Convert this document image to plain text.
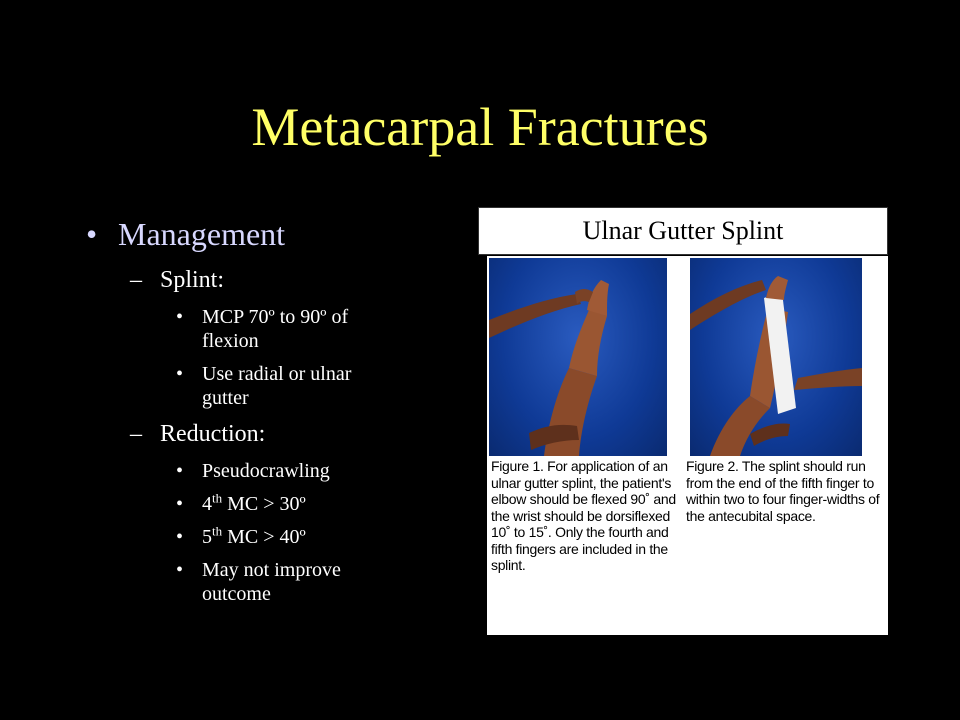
Metacarpal Fractures
• Management
– Splint:
• MCP 70º to 90º of flexion
• Use radial or ulnar gutter
– Reduction:
• Pseudocrawling
• 4th MC > 30º
• 5th MC > 40º
• May not improve outcome
Ulnar Gutter Splint
Figure 1. For application of an ulnar gutter splint, the patient's elbow should be flexed 90˚ and the wrist should be dorsiflexed 10˚ to 15˚. Only the fourth and fifth fingers are included in the splint.
Figure 2. The splint should run from the end of the fifth finger to within two to four finger-widths of the antecubital space.
